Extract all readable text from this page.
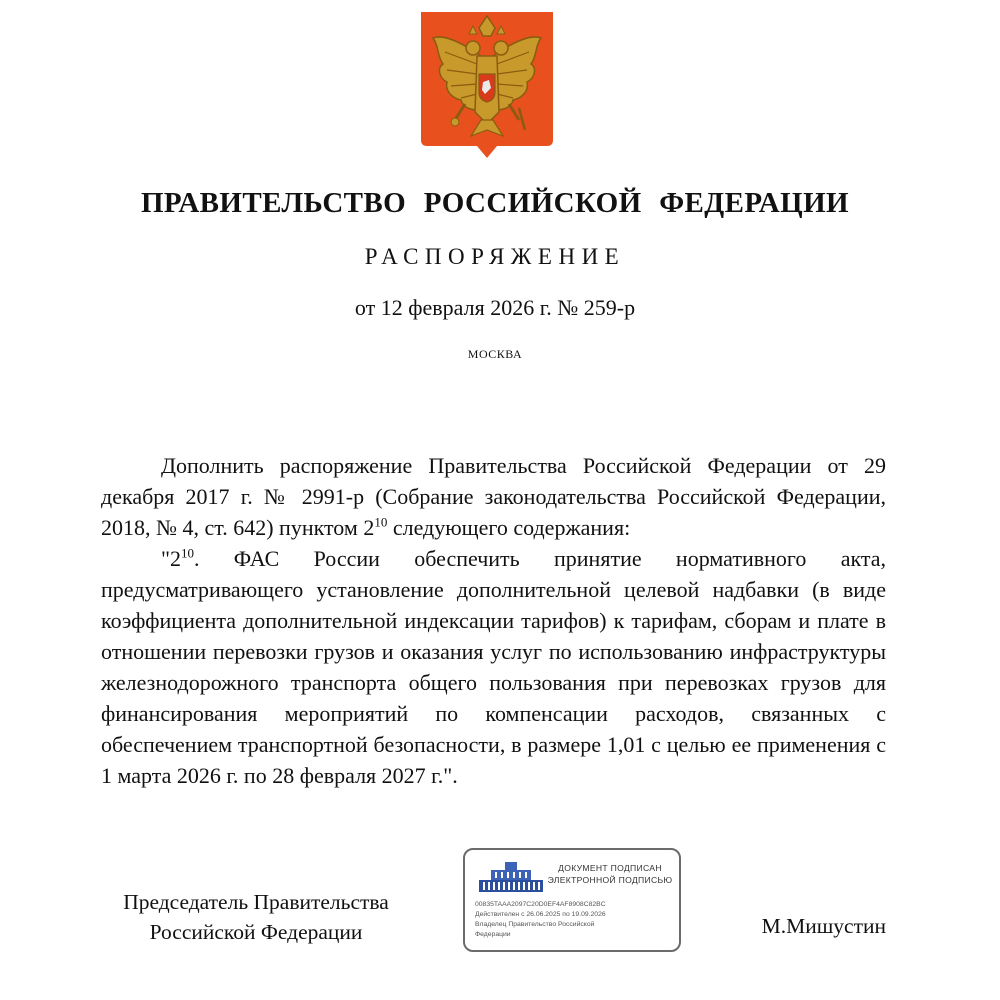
ПРАВИТЕЛЬСТВО РОССИЙСКОЙ ФЕДЕРАЦИИ
РАСПОРЯЖЕНИЕ
от 12 февраля 2026 г. № 259-р
МОСКВА

Дополнить распоряжение Правительства Российской Федерации от 29 декабря 2017 г. № 2991-р (Собрание законодательства Российской Федерации, 2018, № 4, ст. 642) пунктом $2^{10}$ следующего содержания:

"$2^{10}$. ФАС России обеспечить принятие нормативного акта, предусматривающего установление дополнительной целевой надбавки (в виде коэффициента дополнительной индексации тарифов) к тарифам, сборам и плате в отношении перевозки грузов и оказания услуг по использованию инфраструктуры железнодорожного транспорта общего пользования при перевозках грузов для финансирования мероприятий по компенсации расходов, связанных с обеспечением транспортной безопасности, в размере 1,01 с целью ее применения с 1 марта 2026 г. по 28 февраля 2027 г.".

Председатель Правительства
Российской Федерации
ДОКУМЕНТ ПОДПИСАН
ЭЛЕКТРОННОЙ ПОДПИСЬЮ
00835TAAA2097C20D0EF4AF8908C82BC
Действителен с 26.06.2025 по 19.09.2026
Владелец Правительство Российской
Федерации	М.Мишустин
